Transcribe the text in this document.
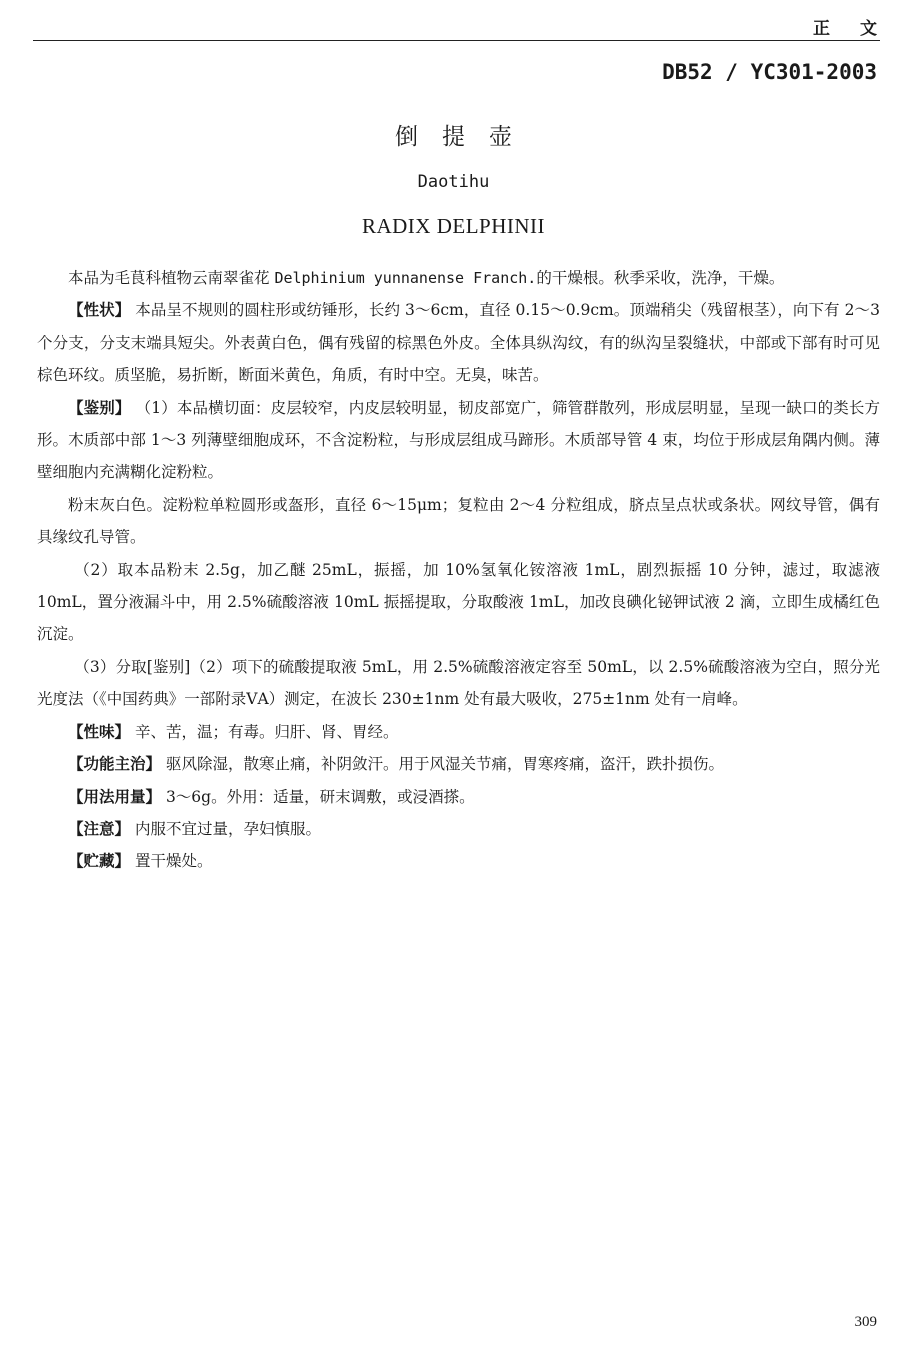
正文
DB52 / YC301-2003
倒提壶
Daotihu
RADIX DELPHINII

本品为毛茛科植物云南翠雀花 Delphinium yunnanense Franch.的干燥根。秋季采收，洗净，干燥。

【性状】 本品呈不规则的圆柱形或纺锤形，长约 3～6cm，直径 0.15～0.9cm。顶端稍尖（残留根茎），向下有 2～3 个分支，分支末端具短尖。外表黄白色，偶有残留的棕黑色外皮。全体具纵沟纹，有的纵沟呈裂缝状，中部或下部有时可见棕色环纹。质坚脆，易折断，断面米黄色，角质，有时中空。无臭，味苦。

【鉴别】 （1）本品横切面：皮层较窄，内皮层较明显，韧皮部宽广，筛管群散列，形成层明显，呈现一缺口的类长方形。木质部中部 1～3 列薄壁细胞成环，不含淀粉粒，与形成层组成马蹄形。木质部导管 4 束，均位于形成层角隅内侧。薄壁细胞内充满糊化淀粉粒。

粉末灰白色。淀粉粒单粒圆形或盔形，直径 6～15μm；复粒由 2～4 分粒组成，脐点呈点状或条状。网纹导管，偶有具缘纹孔导管。

（2）取本品粉末 2.5g，加乙醚 25mL，振摇，加 10%氢氧化铵溶液 1mL，剧烈振摇 10 分钟，滤过，取滤液 10mL，置分液漏斗中，用 2.5%硫酸溶液 10mL 振摇提取，分取酸液 1mL，加改良碘化铋钾试液 2 滴，立即生成橘红色沉淀。

（3）分取[鉴别]（2）项下的硫酸提取液 5mL，用 2.5%硫酸溶液定容至 50mL，以 2.5%硫酸溶液为空白，照分光光度法（《中国药典》一部附录ⅤA）测定，在波长 230±1nm 处有最大吸收，275±1nm 处有一肩峰。

【性味】 辛、苦，温；有毒。归肝、肾、胃经。

【功能主治】 驱风除湿，散寒止痛，补阴敛汗。用于风湿关节痛，胃寒疼痛，盗汗，跌扑损伤。

【用法用量】 3～6g。外用：适量，研末调敷，或浸酒搽。

【注意】 内服不宜过量，孕妇慎服。

【贮藏】 置干燥处。

309
